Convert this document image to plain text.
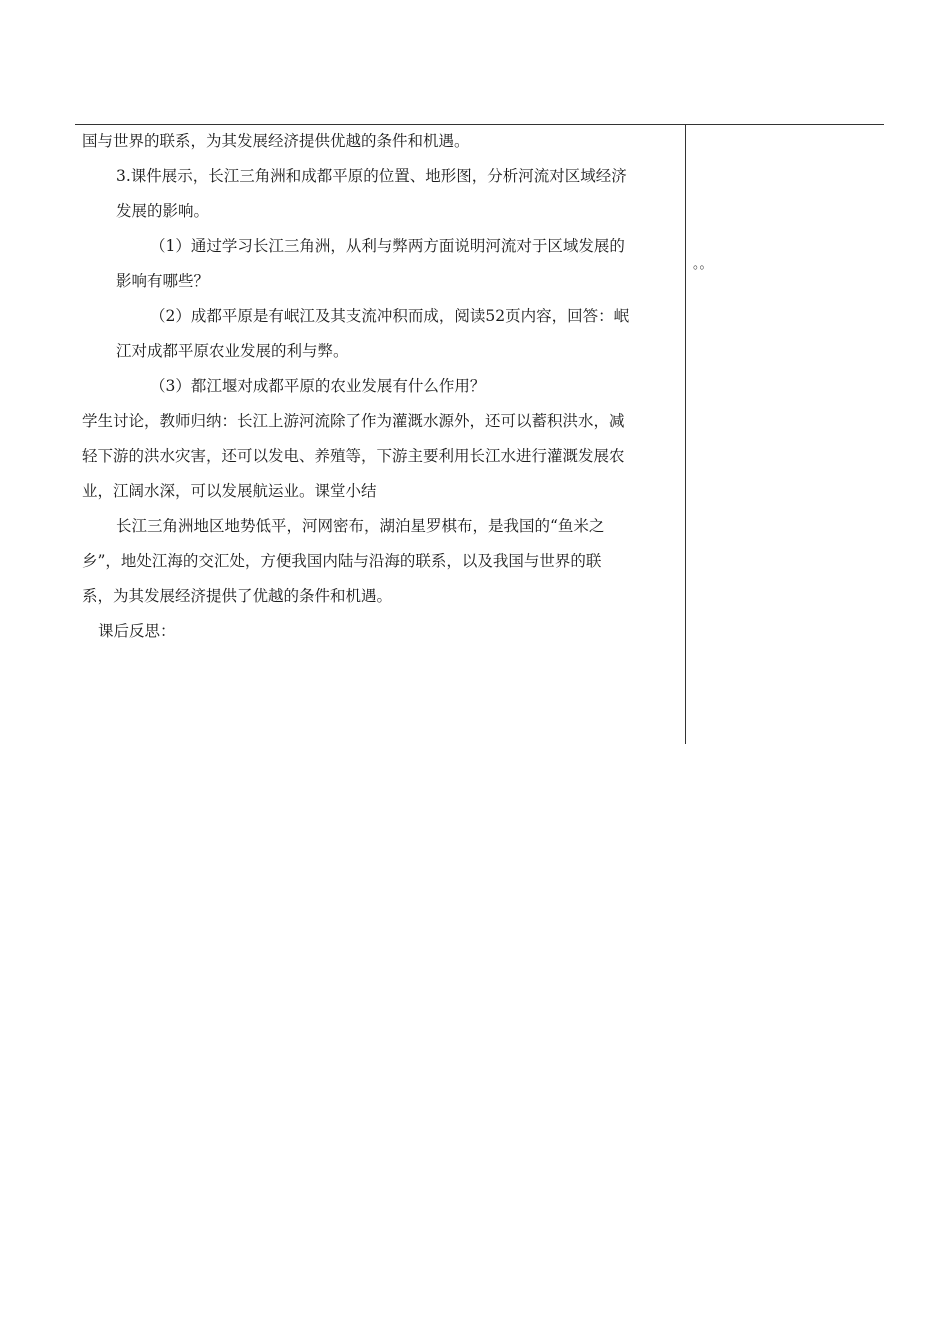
国与世界的联系，为其发展经济提供优越的条件和机遇。

3.课件展示，长江三角洲和成都平原的位置、地形图，分析河流对区域经济

发展的影响。

（1）通过学习长江三角洲，从利与弊两方面说明河流对于区域发展的

影响有哪些？

（2）成都平原是有岷江及其支流冲积而成，阅读52页内容，回答：岷

江对成都平原农业发展的利与弊。

（3）都江堰对成都平原的农业发展有什么作用？

学生讨论，教师归纳：长江上游河流除了作为灌溉水源外，还可以蓄积洪水，减

轻下游的洪水灾害，还可以发电、养殖等，下游主要利用长江水进行灌溉发展农

业，江阔水深，可以发展航运业。课堂小结

长江三角洲地区地势低平，河网密布，湖泊星罗棋布，是我国的“鱼米之

乡”，地处江海的交汇处，方便我国内陆与沿海的联系，以及我国与世界的联

系，为其发展经济提供了优越的条件和机遇。

课后反思：

。。
